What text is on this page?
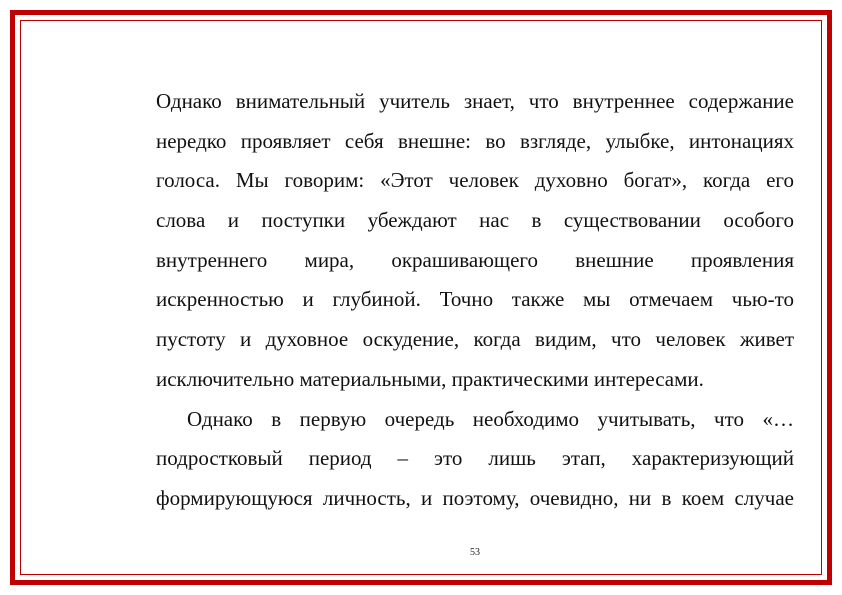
Однако внимательный учитель знает, что внутреннее содержание
нередко проявляет себя внешне: во взгляде, улыбке, интонациях
голоса. Мы говорим: «Этот человек духовно богат», когда его
слова и поступки убеждают нас в существовании особого
внутреннего мира, окрашивающего внешние проявления
искренностью и глубиной. Точно также мы отмечаем чью-то
пустоту и духовное оскудение, когда видим, что человек живет
исключительно материальными, практическими интересами.
Однако в первую очередь необходимо учитывать, что «…
подростковый период – это лишь этап, характеризующий
формирующуюся личность, и поэтому, очевидно, ни в коем случае
53
